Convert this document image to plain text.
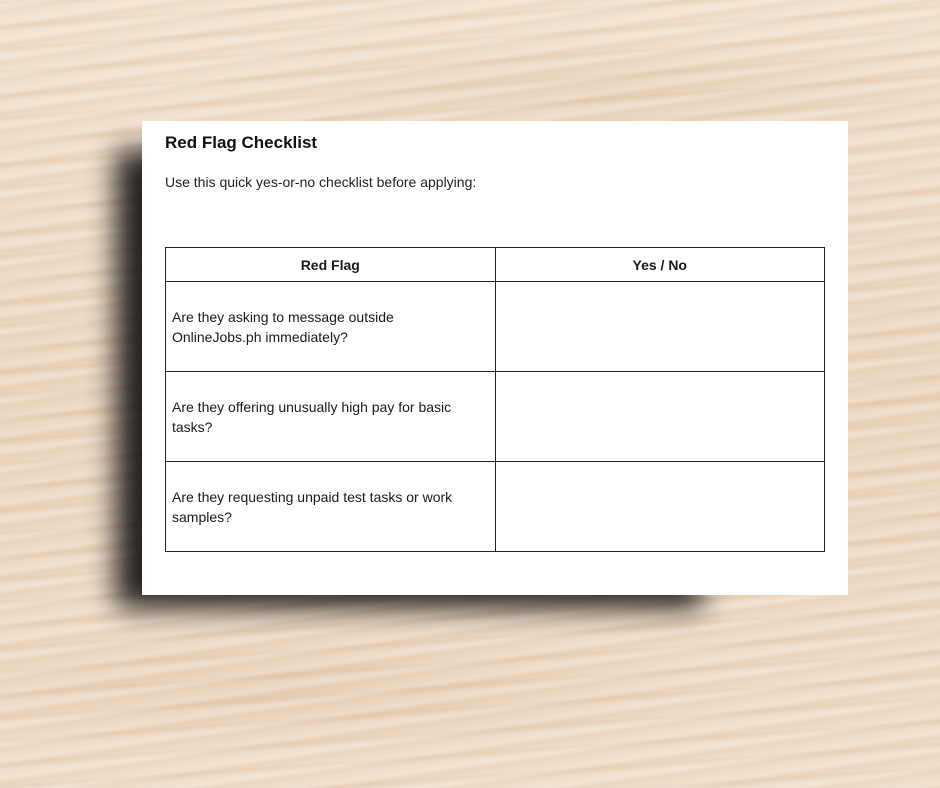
Red Flag Checklist
Use this quick yes-or-no checklist before applying:
Red Flag	Yes / No

Are they asking to message outside OnlineJobs.ph immediately?	

Are they offering unusually high pay for basic tasks?	

Are they requesting unpaid test tasks or work samples?	
